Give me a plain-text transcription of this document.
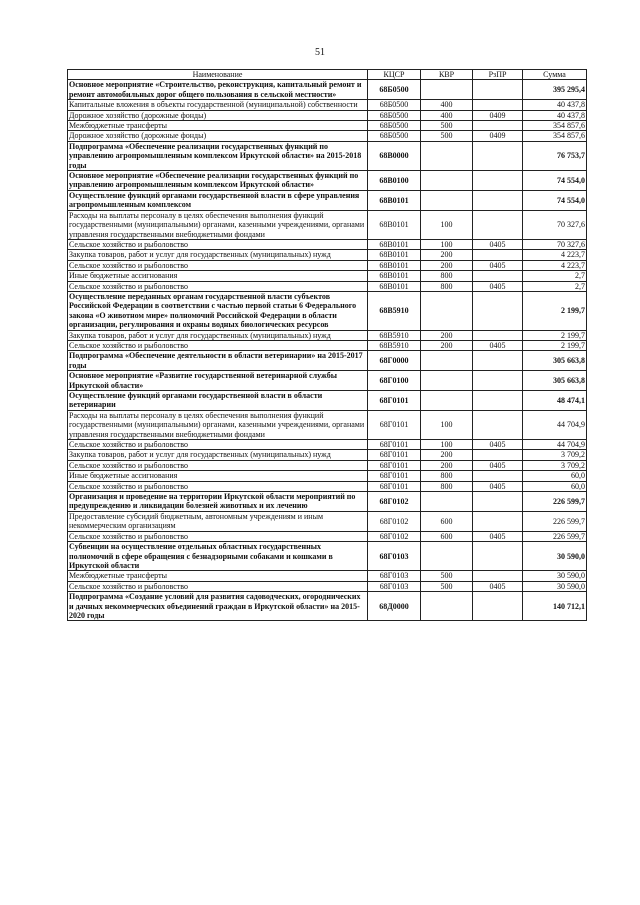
51
Наименование	КЦСР	КВР	РзПР	Сумма
Основное мероприятие «Строительство, реконструкция, капитальный ремонт и ремонт автомобильных дорог общего пользования в сельской местности»	68Б0500			395 295,4
Капитальные вложения в объекты государственной (муниципальной) собственности	68Б0500	400		40 437,8
Дорожное хозяйство (дорожные фонды)	68Б0500	400	0409	40 437,8
Межбюджетные трансферты	68Б0500	500		354 857,6
Дорожное хозяйство (дорожные фонды)	68Б0500	500	0409	354 857,6
Подпрограмма «Обеспечение реализации государственных функций по управлению агропромышленным комплексом Иркутской области» на 2015-2018 годы	68В0000			76 753,7
Основное мероприятие «Обеспечение реализации государственных функций по управлению агропромышленным комплексом Иркутской области»	68В0100			74 554,0
Осуществление функций органами государственной власти в сфере управления агропромышленным комплексом	68В0101			74 554,0
Расходы на выплаты персоналу в целях обеспечения выполнения функций государственными (муниципальными) органами, казенными учреждениями, органами управления государственными внебюджетными фондами	68В0101	100		70 327,6
Сельское хозяйство и рыболовство	68В0101	100	0405	70 327,6
Закупка товаров, работ и услуг для государственных (муниципальных) нужд	68В0101	200		4 223,7
Сельское хозяйство и рыболовство	68В0101	200	0405	4 223,7
Иные бюджетные ассигнования	68В0101	800		2,7
Сельское хозяйство и рыболовство	68В0101	800	0405	2,7
Осуществление переданных органам государственной власти субъектов Российской Федерации в соответствии с частью первой статьи 6 Федерального закона «О животном мире» полномочий Российской Федерации в области организации, регулирования и охраны водных биологических ресурсов	68В5910			2 199,7
Закупка товаров, работ и услуг для государственных (муниципальных) нужд	68В5910	200		2 199,7
Сельское хозяйство и рыболовство	68В5910	200	0405	2 199,7
Подпрограмма «Обеспечение деятельности в области ветеринарии» на 2015-2017 годы	68Г0000			305 663,8
Основное мероприятие «Развитие государственной ветеринарной службы Иркутской области»	68Г0100			305 663,8
Осуществление функций органами государственной власти в области ветеринарии	68Г0101			48 474,1
Расходы на выплаты персоналу в целях обеспечения выполнения функций государственными (муниципальными) органами, казенными учреждениями, органами управления государственными внебюджетными фондами	68Г0101	100		44 704,9
Сельское хозяйство и рыболовство	68Г0101	100	0405	44 704,9
Закупка товаров, работ и услуг для государственных (муниципальных) нужд	68Г0101	200		3 709,2
Сельское хозяйство и рыболовство	68Г0101	200	0405	3 709,2
Иные бюджетные ассигнования	68Г0101	800		60,0
Сельское хозяйство и рыболовство	68Г0101	800	0405	60,0
Организация и проведение на территории Иркутской области мероприятий по предупреждению и ликвидации болезней животных и их лечению	68Г0102			226 599,7
Предоставление субсидий бюджетным, автономным учреждениям и иным некоммерческим организациям	68Г0102	600		226 599,7
Сельское хозяйство и рыболовство	68Г0102	600	0405	226 599,7
Субвенции на осуществление отдельных областных государственных полномочий в сфере обращения с безнадзорными собаками и кошками в Иркутской области	68Г0103			30 590,0
Межбюджетные трансферты	68Г0103	500		30 590,0
Сельское хозяйство и рыболовство	68Г0103	500	0405	30 590,0
Подпрограмма «Создание условий для развития садоводческих, огороднических и дачных некоммерческих объединений граждан в Иркутской области» на 2015-2020 годы	68Д0000			140 712,1
